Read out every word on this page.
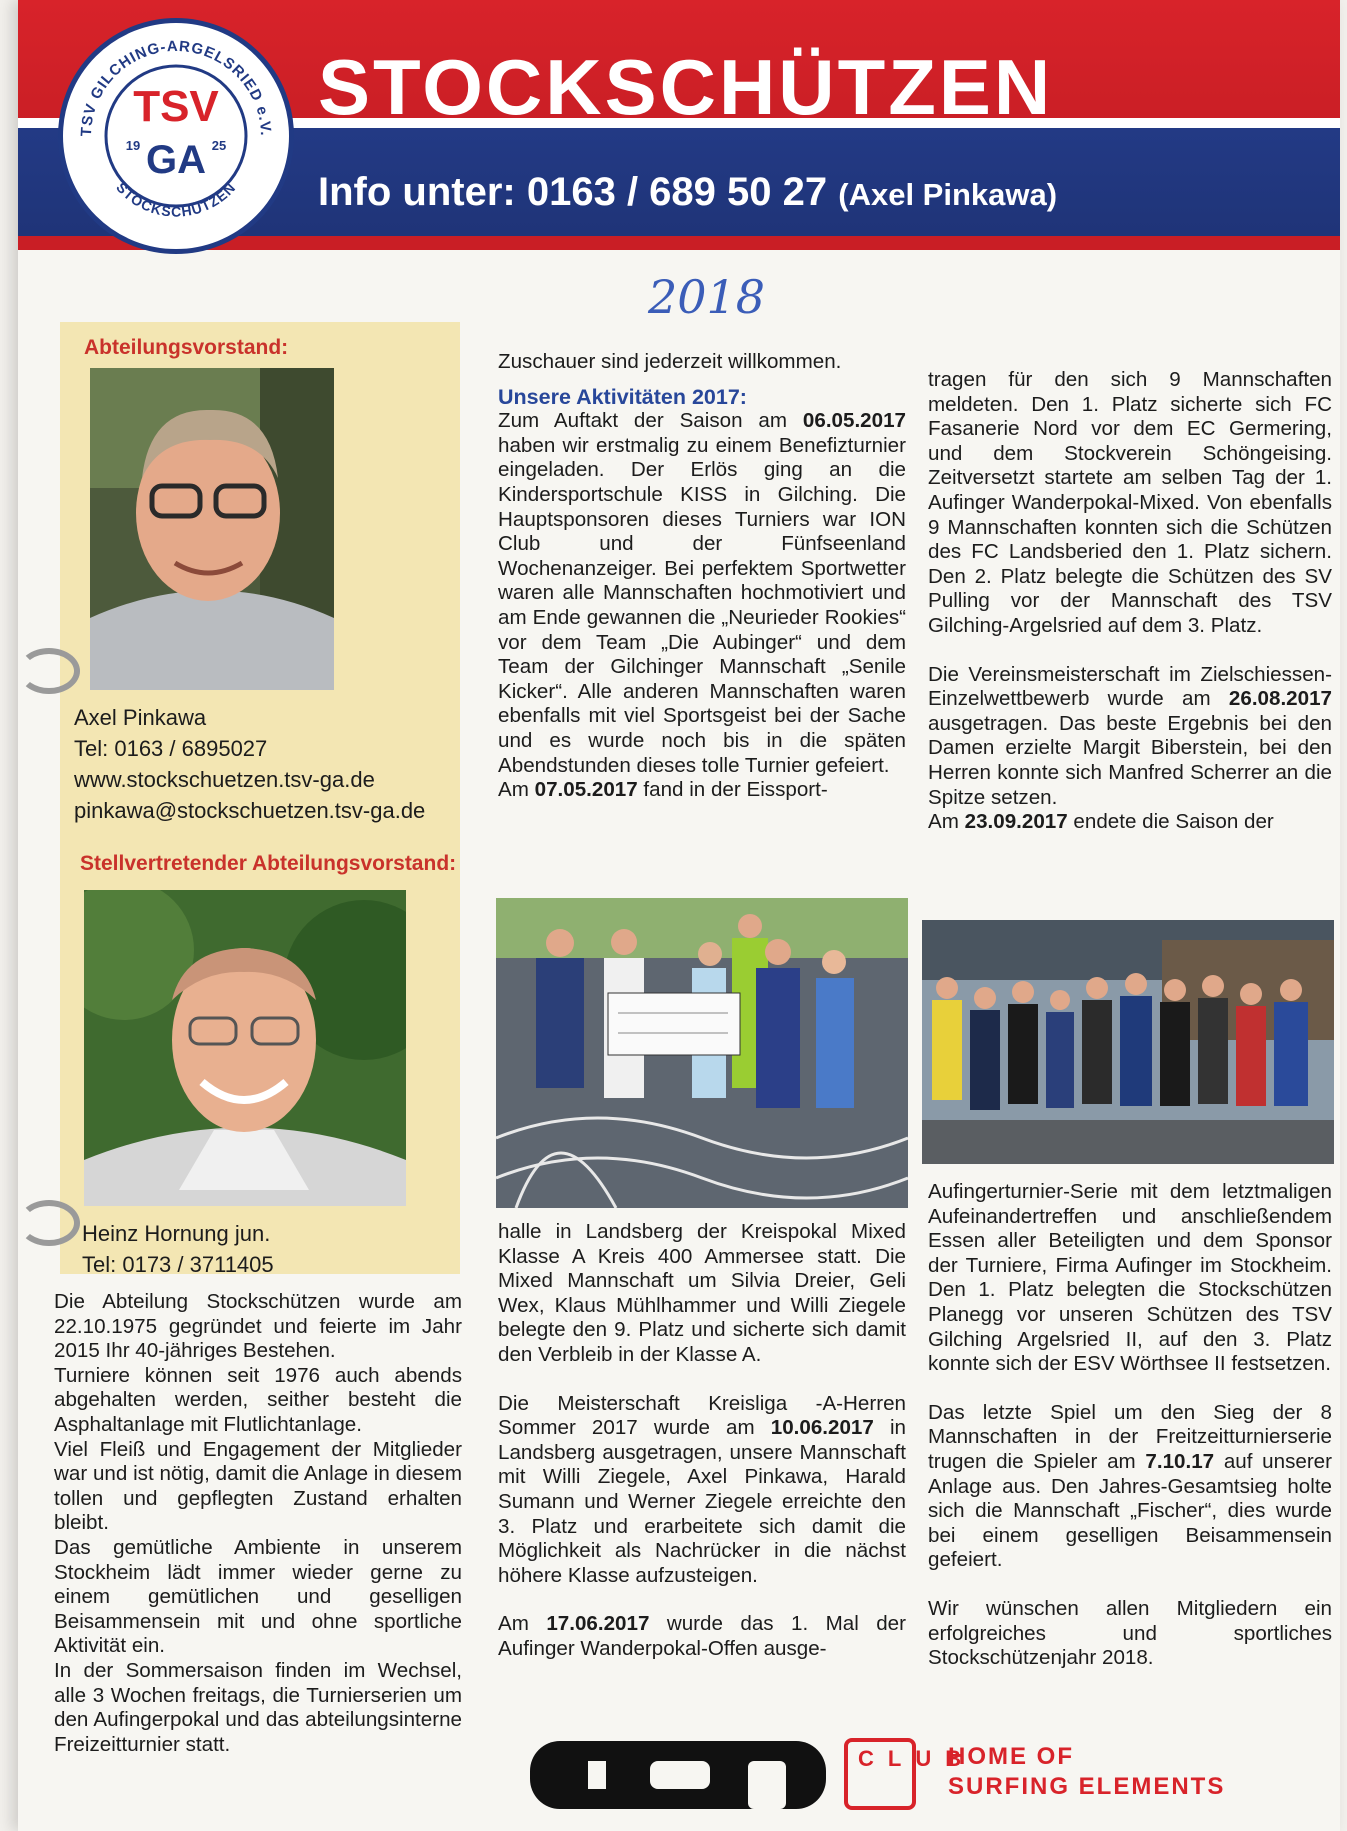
TSV GILCHING-ARGELSRIED e.V.
STOCKSCHÜTZEN
TSV
GA
19	25
STOCKSCHÜTZEN
Info unter: 0163 / 689 50 27 (Axel Pinkawa)
2018
Abteilungsvorstand:
Axel Pinkawa
Tel: 0163 / 6895027
www.stockschuetzen.tsv-ga.de
pinkawa@stockschuetzen.tsv-ga.de
Stellvertretender Abteilungsvorstand:
Heinz Hornung jun.
Tel: 0173 / 3711405

Die Abteilung Stockschützen wurde am 22.10.1975 gegründet und feierte im Jahr 2015 Ihr 40-jähriges Bestehen.

Turniere können seit 1976 auch abends abgehalten werden, seither besteht die Asphaltanlage mit Flutlichtanlage.

Viel Fleiß und Engagement der Mitglieder war und ist nötig, damit die Anlage in diesem tollen und gepflegten Zustand erhalten bleibt.

Das gemütliche Ambiente in unserem Stockheim lädt immer wieder gerne zu einem gemütlichen und geselligen Beisammensein mit und ohne sportliche Aktivität ein.

In der Sommersaison finden im Wechsel, alle 3 Wochen freitags, die Turnierserien um den Aufingerpokal und das abteilungsinterne Freizeitturnier statt.

Zuschauer sind jederzeit willkommen.

Unsere Aktivitäten 2017:

Zum Auftakt der Saison am 06.05.2017 haben wir erstmalig zu einem Benefizturnier eingeladen. Der Erlös ging an die Kindersportschule KISS in Gilching. Die Hauptsponsoren dieses Turniers war ION Club und der Fünfseenland Wochenanzeiger. Bei perfektem Sportwetter waren alle Mannschaften hochmotiviert und am Ende gewannen die „Neurieder Rookies“ vor dem Team „Die Aubinger“ und dem Team der Gilchinger Mannschaft „Senile Kicker“. Alle anderen Mannschaften waren ebenfalls mit viel Sportsgeist bei der Sache und es wurde noch bis in die späten Abendstunden dieses tolle Turnier gefeiert.

Am 07.05.2017 fand in der Eissport-

halle in Landsberg der Kreispokal Mixed Klasse A Kreis 400 Ammersee statt. Die Mixed Mannschaft um Silvia Dreier, Geli Wex, Klaus Mühlhammer und Willi Ziegele belegte den 9. Platz und sicherte sich damit den Verbleib in der Klasse A.

Die Meisterschaft Kreisliga -A-Herren Sommer 2017 wurde am 10.06.2017 in Landsberg ausgetragen, unsere Mannschaft mit Willi Ziegele, Axel Pinkawa, Harald Sumann und Werner Ziegele erreichte den 3. Platz und erarbeitete sich damit die Möglichkeit als Nachrücker in die nächst höhere Klasse aufzusteigen.

Am 17.06.2017 wurde das 1. Mal der Aufinger Wanderpokal-Offen ausge-

tragen für den sich 9 Mannschaften meldeten. Den 1. Platz sicherte sich FC Fasanerie Nord vor dem EC Germering, und dem Stockverein Schöngeising. Zeitversetzt startete am selben Tag der 1. Aufinger Wanderpokal-Mixed. Von ebenfalls 9 Mannschaften konnten sich die Schützen des FC Landsberied den 1. Platz sichern. Den 2. Platz belegte die Schützen des SV Pulling vor der Mannschaft des TSV Gilching-Argelsried auf dem 3. Platz.

Die Vereinsmeisterschaft im Zielschiessen-Einzelwettbewerb wurde am 26.08.2017 ausgetragen. Das beste Ergebnis bei den Damen erzielte Margit Biberstein, bei den Herren konnte sich Manfred Scherrer an die Spitze setzen.

Am 23.09.2017 endete die Saison der

Aufingerturnier-Serie mit dem letztmaligen Aufeinandertreffen und anschließendem Essen aller Beteiligten und dem Sponsor der Turniere, Firma Aufinger im Stockheim. Den 1. Platz belegten die Stockschützen Planegg vor unseren Schützen des TSV Gilching Argelsried II, auf den 3. Platz konnte sich der ESV Wörthsee II festsetzen.

Das letzte Spiel um den Sieg der 8 Mannschaften in der Freitzeitturnierserie trugen die Spieler am 7.10.17 auf unserer Anlage aus. Den Jahres-Gesamtsieg holte sich die Mannschaft „Fischer“, dies wurde bei einem geselligen Beisammensein gefeiert.

Wir wünschen allen Mitgliedern ein erfolgreiches und sportliches Stockschützenjahr 2018.

CLUB
HOME OF
SURFING ELEMENTS
